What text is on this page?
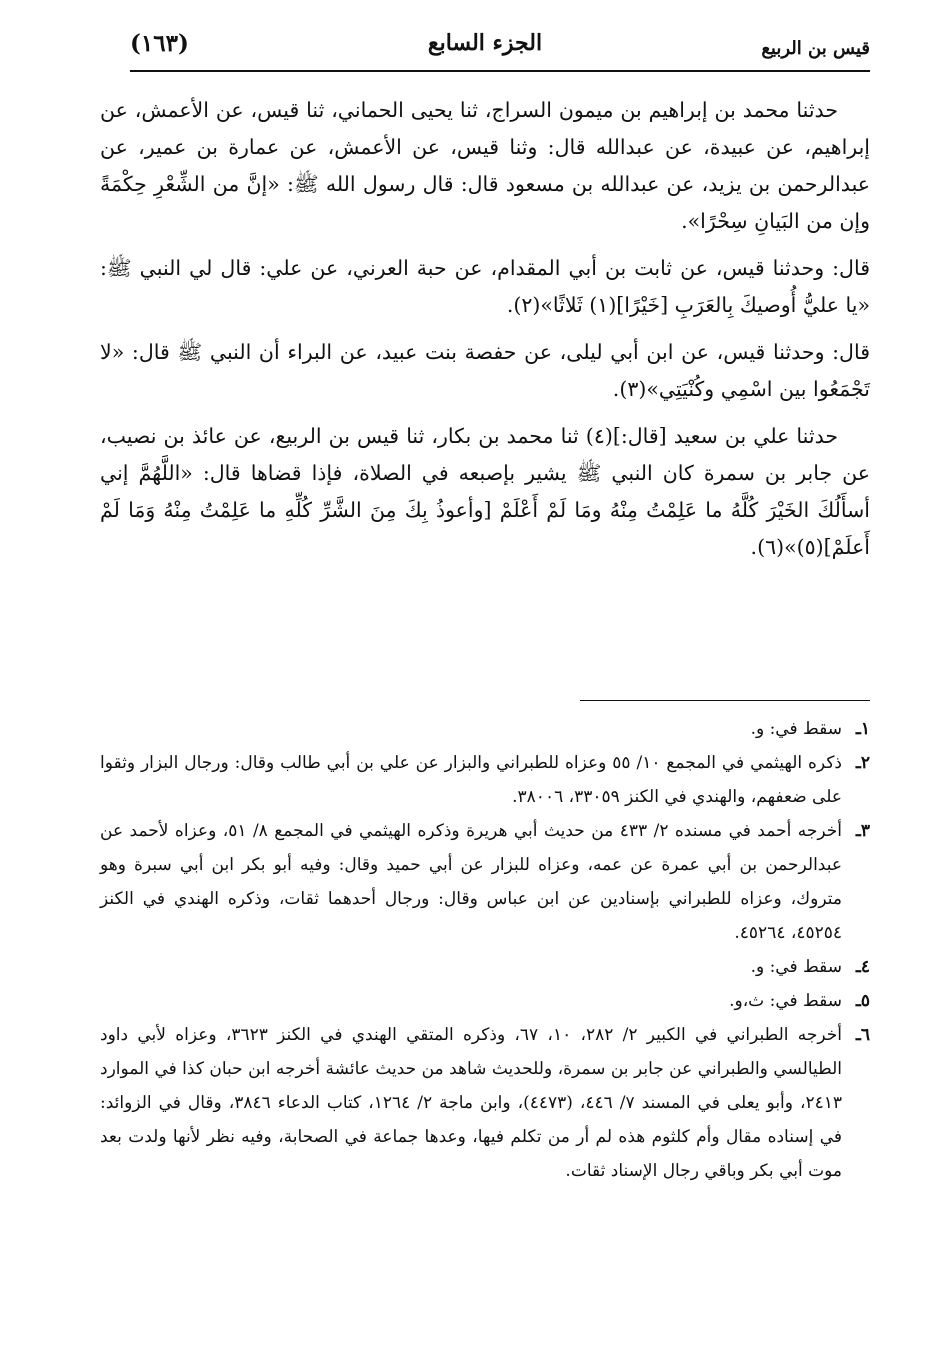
(١٦٣)	الجزء السابع	قيس بن الربيع

حدثنا محمد بن إبراهيم بن ميمون السراج، ثنا يحيى الحماني، ثنا قيس، عن الأعمش، عن إبراهيم، عن عبيدة، عن عبدالله قال: وثنا قيس، عن الأعمش، عن عمارة بن عمير، عن عبدالرحمن بن يزيد، عن عبدالله بن مسعود قال: قال رسول الله ﷺ: «إنَّ من الشِّعْرِ حِكْمَةً وإن من البَيانِ سِحْرًا».

قال: وحدثنا قيس، عن ثابت بن أبي المقدام، عن حبة العرني، عن علي: قال لي النبي ﷺ: «يا عليُّ أُوصيكَ بِالعَرَبِ [خَيْرًا](١) ثَلاثًا»(٢).

قال: وحدثنا قيس، عن ابن أبي ليلى، عن حفصة بنت عبيد، عن البراء أن النبي ﷺ قال: «لا تَجْمَعُوا بين اسْمِي وكُنْيَتِي»(٣).

حدثنا علي بن سعيد [قال:](٤) ثنا محمد بن بكار، ثنا قيس بن الربيع، عن عائذ بن نصيب، عن جابر بن سمرة كان النبي ﷺ يشير بإصبعه في الصلاة، فإذا قضاها قال: «اللَّهُمَّ إني أسأَلُكَ الخَيْرَ كُلَّهُ ما عَلِمْتُ مِنْهُ ومَا لَمْ أَعْلَمْ [وأعوذُ بِكَ مِنَ الشَّرِّ كُلِّهِ ما عَلِمْتُ مِنْهُ وَمَا لَمْ أَعلَمْ](٥)»(٦).

١ـ
سقط في: و.
٢ـ
ذكره الهيثمي في المجمع ١٠/ ٥٥ وعزاه للطبراني والبزار عن علي بن أبي طالب وقال: ورجال البزار وثقوا على ضعفهم، والهندي في الكنز ٣٣٠٥٩، ٣٨٠٠٦.
٣ـ
أخرجه أحمد في مسنده ٢/ ٤٣٣ من حديث أبي هريرة وذكره الهيثمي في المجمع ٨/ ٥١، وعزاه لأحمد عن عبدالرحمن بن أبي عمرة عن عمه، وعزاه للبزار عن أبي حميد وقال: وفيه أبو بكر ابن أبي سبرة وهو متروك، وعزاه للطبراني بإسنادين عن ابن عباس وقال: ورجال أحدهما ثقات، وذكره الهندي في الكنز ٤٥٢٥٤، ٤٥٢٦٤.
٤ـ
سقط في: و.
٥ـ
سقط في: ث،و.
٦ـ
أخرجه الطبراني في الكبير ٢/ ٢٨٢، ١٠، ٦٧، وذكره المتقي الهندي في الكنز ٣٦٢٣، وعزاه لأبي داود الطيالسي والطبراني عن جابر بن سمرة، وللحديث شاهد من حديث عائشة أخرجه ابن حبان كذا في الموارد ٢٤١٣، وأبو يعلى في المسند ٧/ ٤٤٦، (٤٤٧٣)، وابن ماجة ٢/ ١٢٦٤، كتاب الدعاء ٣٨٤٦، وقال في الزوائد: في إسناده مقال وأم كلثوم هذه لم أر من تكلم فيها، وعدها جماعة في الصحابة، وفيه نظر لأنها ولدت بعد موت أبي بكر وباقي رجال الإسناد ثقات.
